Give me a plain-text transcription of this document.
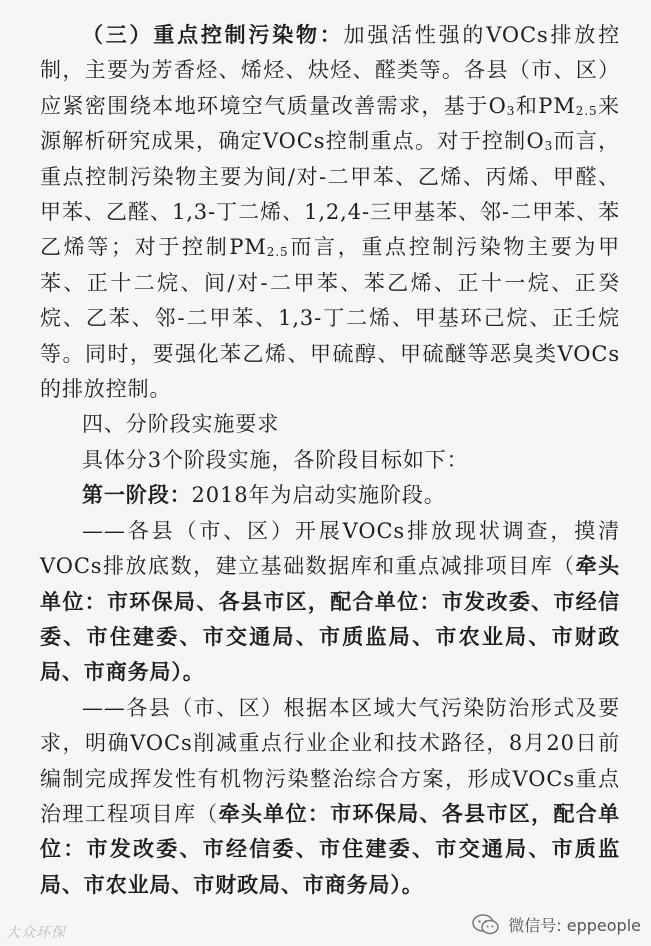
（三）重点控制污染物：加强活性强的VOCs排放控制，主要为芳香烃、烯烃、炔烃、醛类等。各县（市、区）应紧密围绕本地环境空气质量改善需求，基于$O_3$和$PM_{2.5}$来源解析研究成果，确定VOCs控制重点。对于控制$O_3$而言，重点控制污染物主要为间/对-二甲苯、乙烯、丙烯、甲醛、甲苯、乙醛、1,3-丁二烯、1,2,4-三甲基苯、邻-二甲苯、苯乙烯等；对于控制$PM_{2.5}$而言，重点控制污染物主要为甲苯、正十二烷、间/对-二甲苯、苯乙烯、正十一烷、正癸烷、乙苯、邻-二甲苯、1,3-丁二烯、甲基环己烷、正壬烷等。同时，要强化苯乙烯、甲硫醇、甲硫醚等恶臭类VOCs的排放控制。
四、分阶段实施要求
具体分3个阶段实施，各阶段目标如下：
第一阶段：2018年为启动实施阶段。
——各县（市、区）开展VOCs排放现状调查，摸清VOCs排放底数，建立基础数据库和重点减排项目库（牵头单位：市环保局、各县市区，配合单位：市发改委、市经信委、市住建委、市交通局、市质监局、市农业局、市财政局、市商务局）。
——各县（市、区）根据本区域大气污染防治形式及要求，明确VOCs削减重点行业企业和技术路径，8月20日前编制完成挥发性有机物污染整治综合方案，形成VOCs重点治理工程项目库（牵头单位：市环保局、各县市区，配合单位：市发改委、市经信委、市住建委、市交通局、市质监局、市农业局、市财政局、市商务局）。
大众环保	微信号: eppeople
